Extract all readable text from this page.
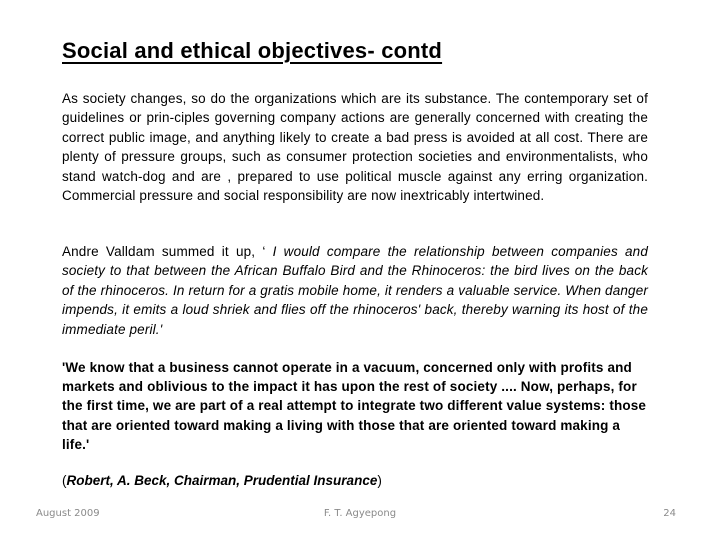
Social and ethical objectives- contd

As society changes, so do the organizations which are its substance. The contemporary set of guidelines or prin-ciples governing company actions are generally concerned with creating the correct public image, and anything likely to create a bad press is avoided at all cost. There are plenty of pressure groups, such as consumer protection societies and environmentalists, who stand watch-dog and are , prepared to use political muscle against any erring organization. Commercial pressure and social responsibility are now inextricably intertwined.

Andre Valldam summed it up, ‘ I would compare the relationship between companies and society to that between the African Buffalo Bird and the Rhinoceros: the bird lives on the back of the rhinoceros. In return for a gratis mobile home, it renders a valuable service. When danger impends, it emits a loud shriek and flies off the rhinoceros' back, thereby warning its host of the immediate peril.'

'We know that a business cannot operate in a vacuum, concerned only with profits and markets and oblivious to the impact it has upon the rest of society .... Now, perhaps, for the first time, we are part of a real attempt to integrate two different value systems: those that are oriented toward making a living with those that are oriented toward making a life.'

(Robert, A. Beck, Chairman, Prudential Insurance)

F. T. Agyepong
August 2009	24
